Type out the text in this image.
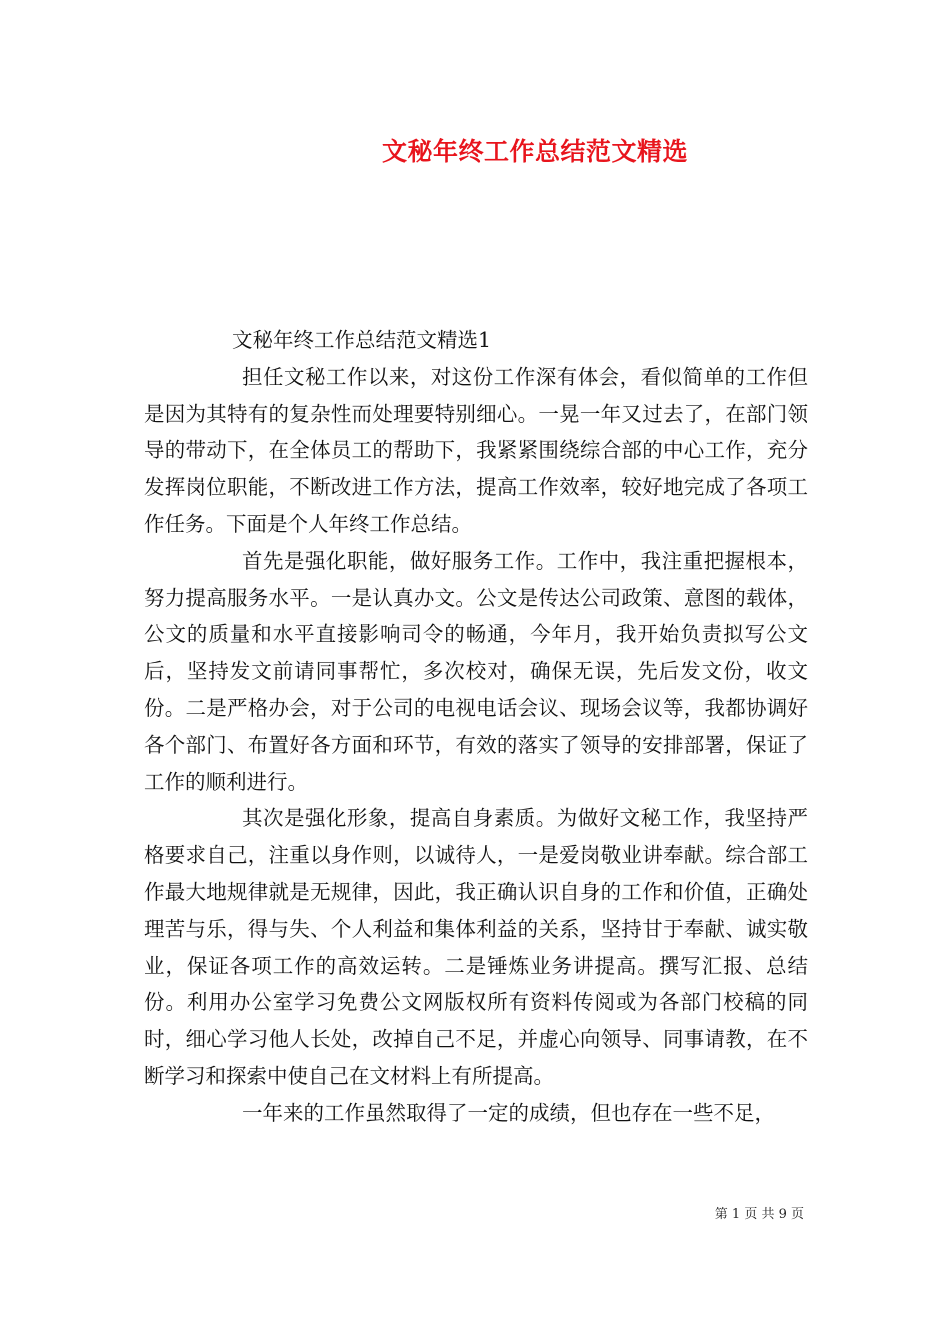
文秘年终工作总结范文精选

文秘年终工作总结范文精选1

担任文秘工作以来，对这份工作深有体会，看似简单的工作但是因为其特有的复杂性而处理要特别细心。一晃一年又过去了，在部门领导的带动下，在全体员工的帮助下，我紧紧围绕综合部的中心工作，充分发挥岗位职能，不断改进工作方法，提高工作效率，较好地完成了各项工作任务。下面是个人年终工作总结。

首先是强化职能，做好服务工作。工作中，我注重把握根本，努力提高服务水平。一是认真办文。公文是传达公司政策、意图的载体，公文的质量和水平直接影响司令的畅通，今年月，我开始负责拟写公文后，坚持发文前请同事帮忙，多次校对，确保无误，先后发文份，收文份。二是严格办会，对于公司的电视电话会议、现场会议等，我都协调好各个部门、布置好各方面和环节，有效的落实了领导的安排部署，保证了工作的顺利进行。

其次是强化形象，提高自身素质。为做好文秘工作，我坚持严格要求自己，注重以身作则，以诚待人，一是爱岗敬业讲奉献。综合部工作最大地规律就是无规律，因此，我正确认识自身的工作和价值，正确处理苦与乐，得与失、个人利益和集体利益的关系，坚持甘于奉献、诚实敬业，保证各项工作的高效运转。二是锤炼业务讲提高。撰写汇报、总结份。利用办公室学习免费公文网版权所有资料传阅或为各部门校稿的同时，细心学习他人长处，改掉自己不足，并虚心向领导、同事请教，在不断学习和探索中使自己在文材料上有所提高。

一年来的工作虽然取得了一定的成绩，但也存在一些不足，

第 1 页 共 9 页
